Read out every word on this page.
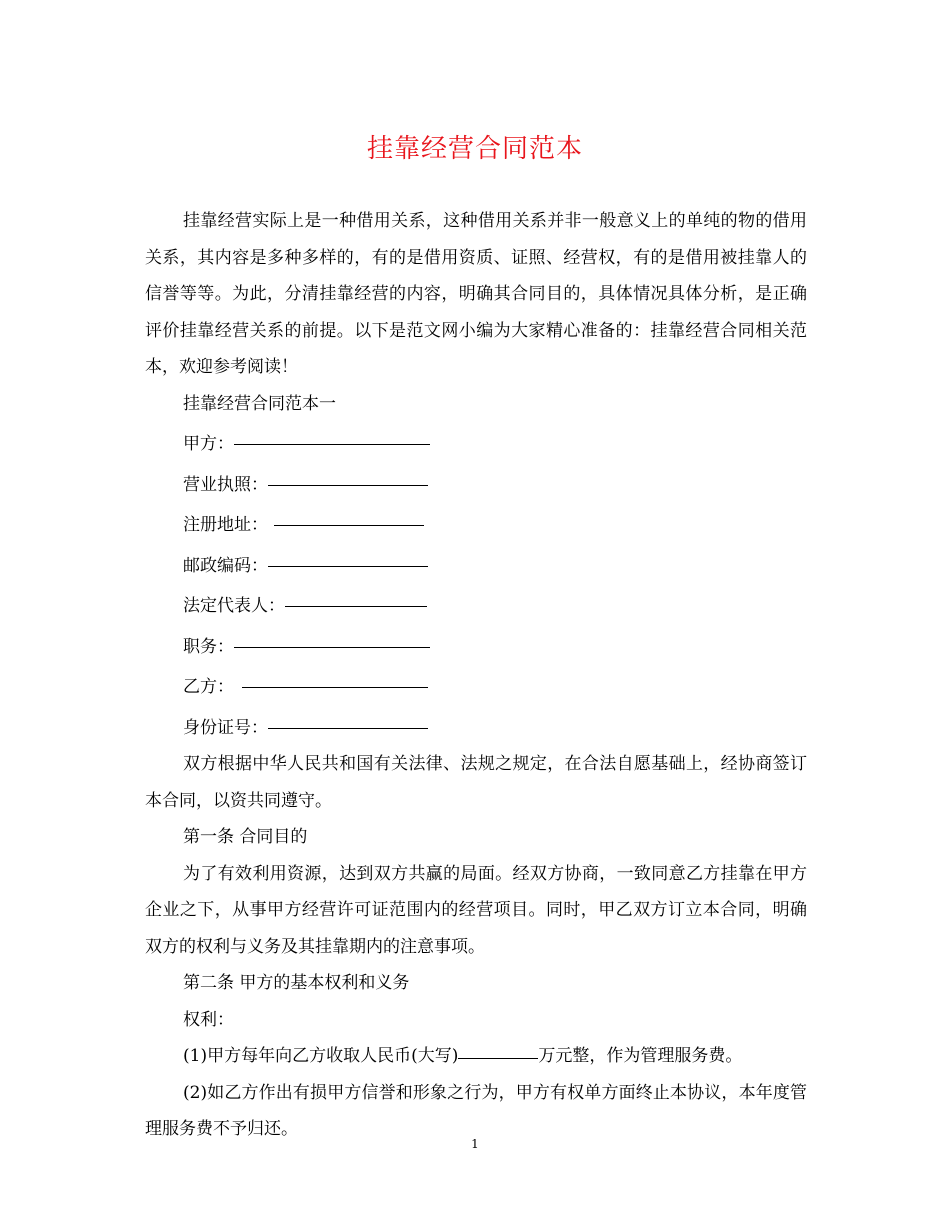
挂靠经营合同范本

挂靠经营实际上是一种借用关系，这种借用关系并非一般意义上的单纯的物的借用关系，其内容是多种多样的，有的是借用资质、证照、经营权，有的是借用被挂靠人的信誉等等。为此，分清挂靠经营的内容，明确其合同目的，具体情况具体分析，是正确评价挂靠经营关系的前提。以下是范文网小编为大家精心准备的：挂靠经营合同相关范本，欢迎参考阅读！

挂靠经营合同范本一

甲方：

营业执照：

注册地址：

邮政编码：

法定代表人：

职务：

乙方：

身份证号：

双方根据中华人民共和国有关法律、法规之规定，在合法自愿基础上，经协商签订本合同，以资共同遵守。

第一条 合同目的

为了有效利用资源，达到双方共赢的局面。经双方协商，一致同意乙方挂靠在甲方企业之下，从事甲方经营许可证范围内的经营项目。同时，甲乙双方订立本合同，明确双方的权利与义务及其挂靠期内的注意事项。

第二条 甲方的基本权利和义务

权利：

(1)甲方每年向乙方收取人民币(大写)	万元整，作为管理服务费。

(2)如乙方作出有损甲方信誉和形象之行为，甲方有权单方面终止本协议，本年度管理服务费不予归还。

1
